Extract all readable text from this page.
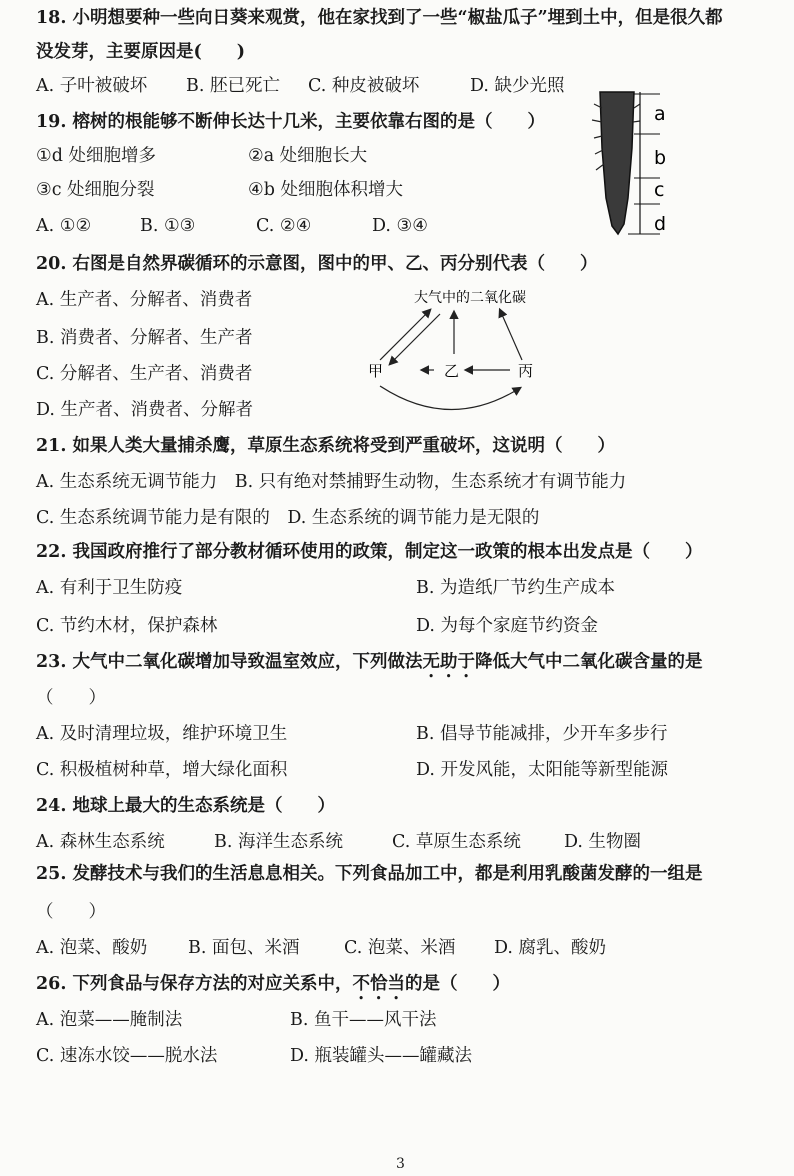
18. 小明想要种一些向日葵来观赏，他在家找到了一些“椒盐瓜子”埋到土中，但是很久都
没发芽，主要原因是(　　)
A. 子叶被破坏 B. 胚已死亡 C. 种皮被破坏	D. 缺少光照
19. 榕树的根能够不断伸长达十几米，主要依靠右图的是（　　）
①d 处细胞增多	②a 处细胞长大
③c 处细胞分裂	④b 处细胞体积增大
A. ①②	B. ①③	C. ②④	D. ③④
a
b
c
d
20. 右图是自然界碳循环的示意图，图中的甲、乙、丙分别代表（　　）
A. 生产者、分解者、消费者
B. 消费者、分解者、生产者
C. 分解者、生产者、消费者
D. 生产者、消费者、分解者
大气中的二氧化碳
甲	乙	丙
21. 如果人类大量捕杀鹰，草原生态系统将受到严重破坏，这说明（　　）
A. 生态系统无调节能力　B. 只有绝对禁捕野生动物，生态系统才有调节能力
C. 生态系统调节能力是有限的　D. 生态系统的调节能力是无限的
22. 我国政府推行了部分教材循环使用的政策，制定这一政策的根本出发点是（　　）
A. 有利于卫生防疫	B. 为造纸厂节约生产成本
C. 节约木材，保护森林	D. 为每个家庭节约资金
23. 大气中二氧化碳增加导致温室效应，下列做法无助于降低大气中二氧化碳含量的是
（　　）
A. 及时清理垃圾，维护环境卫生	B. 倡导节能减排，少开车多步行
C. 积极植树种草，增大绿化面积	D. 开发风能，太阳能等新型能源
24. 地球上最大的生态系统是（　　）
A. 森林生态系统	B. 海洋生态系统	C. 草原生态系统 D. 生物圈
25. 发酵技术与我们的生活息息相关。下列食品加工中，都是利用乳酸菌发酵的一组是
（　　）
A. 泡菜、酸奶 B. 面包、米酒	C. 泡菜、米酒 D. 腐乳、酸奶
26. 下列食品与保存方法的对应关系中，不恰当的是（　　）
A. 泡菜——腌制法	B. 鱼干——风干法
C. 速冻水饺——脱水法	D. 瓶装罐头——罐藏法
3
